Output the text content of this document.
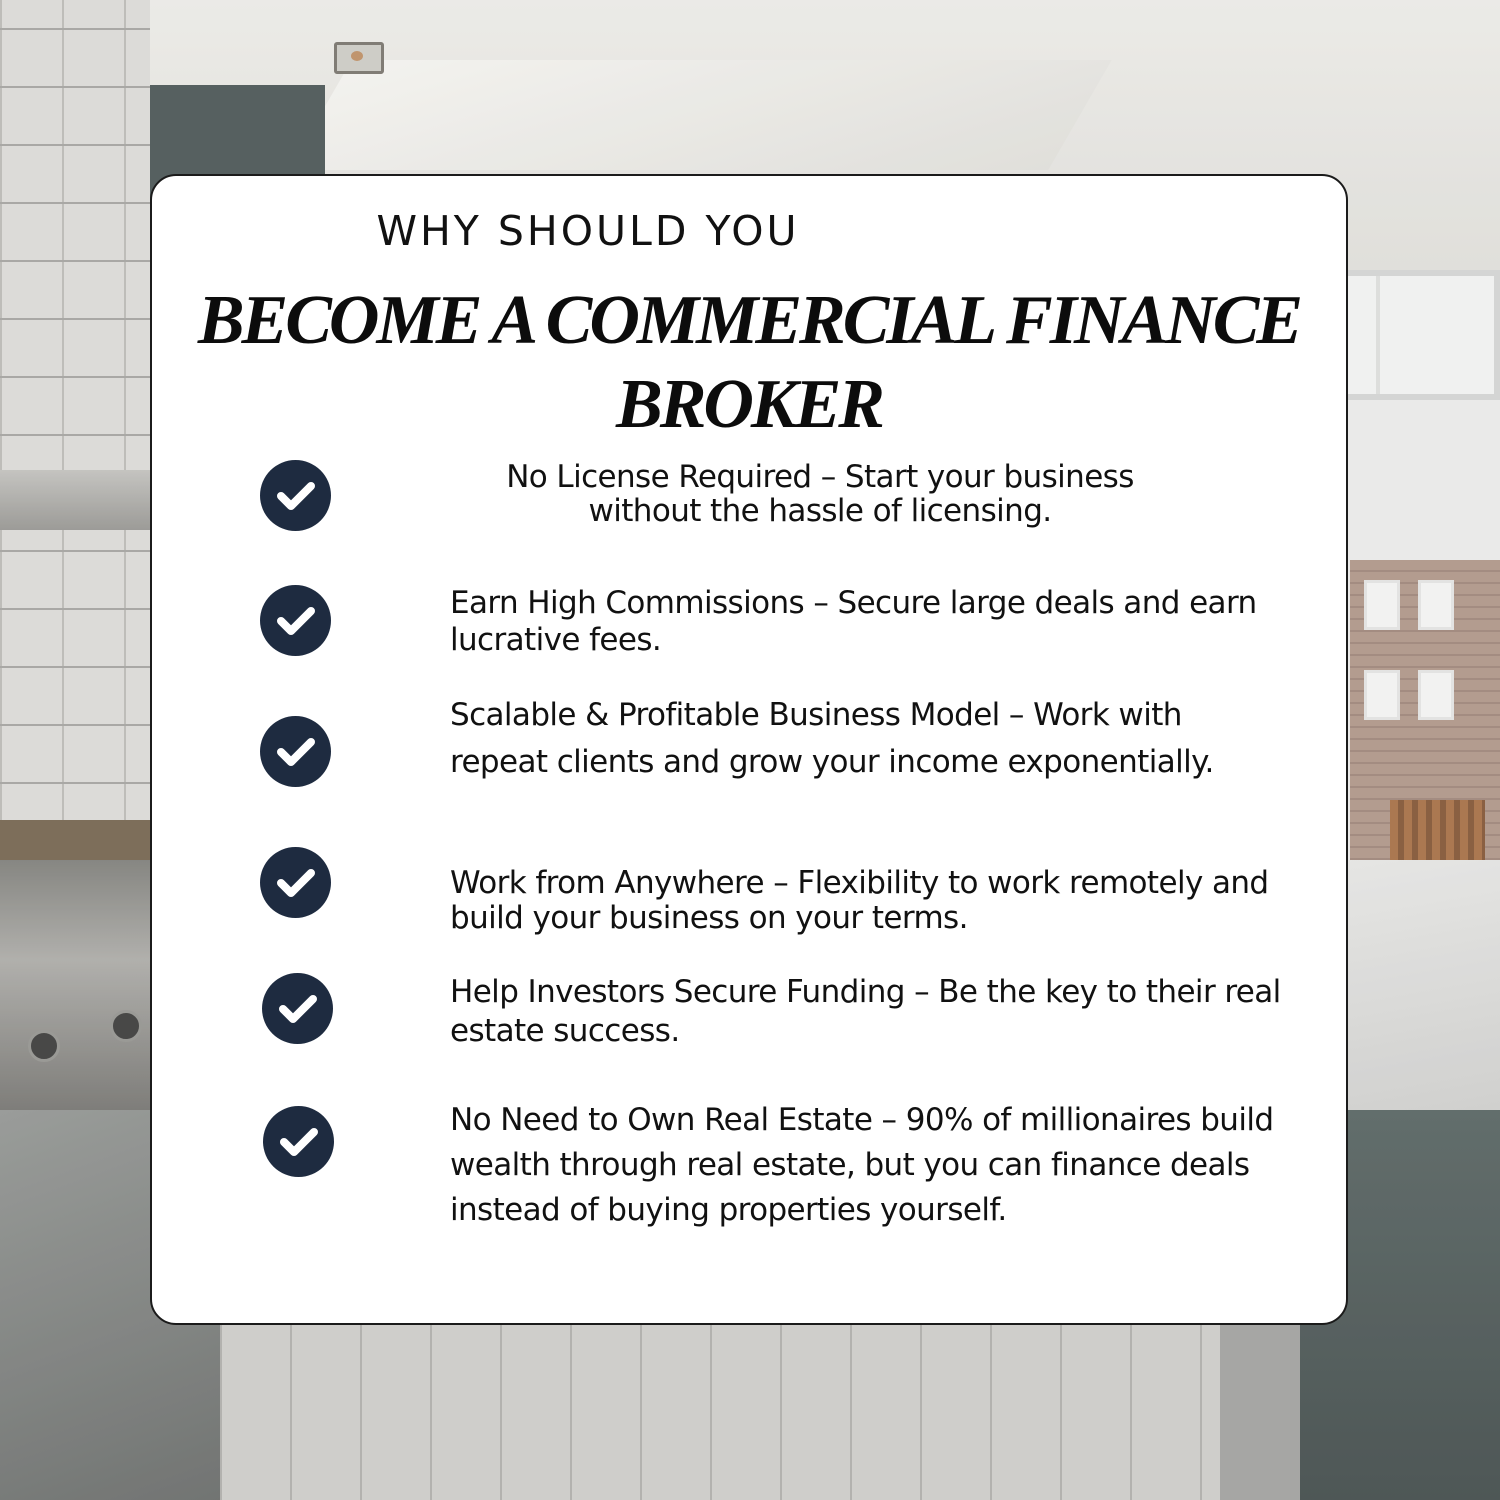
WHY SHOULD YOU
BECOME A COMMERCIAL FINANCE BROKER

No License Required – Start your business without the hassle of licensing.

Earn High Commissions – Secure large deals and earn lucrative fees.

Scalable & Profitable Business Model – Work with repeat clients and grow your income exponentially.

Work from Anywhere – Flexibility to work remotely and build your business on your terms.

Help Investors Secure Funding – Be the key to their real estate success.

No Need to Own Real Estate – 90% of millionaires build wealth through real estate, but you can finance deals instead of buying properties yourself.
